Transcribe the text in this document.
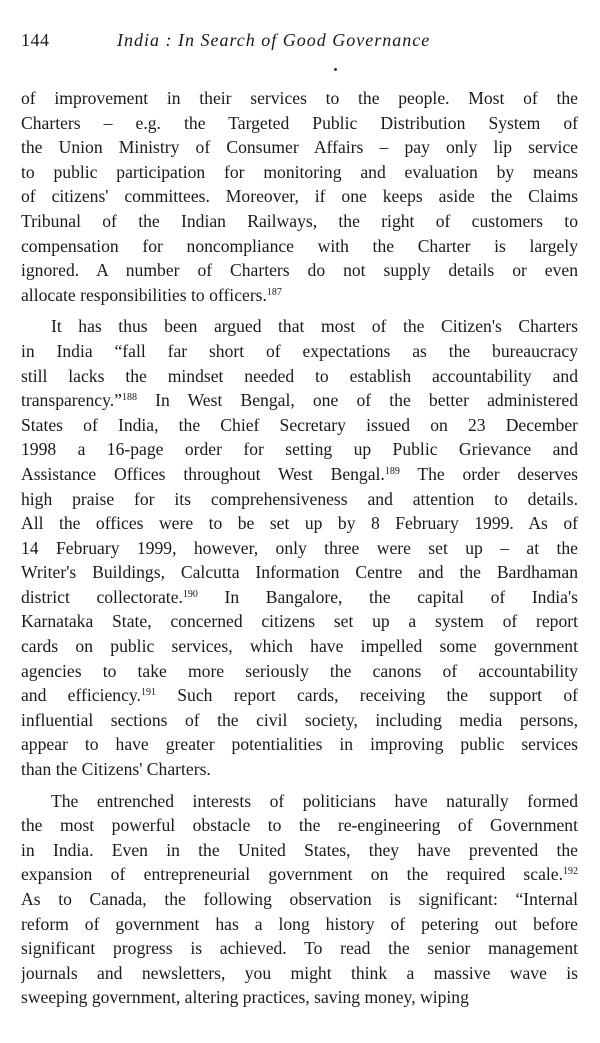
144	India : In Search of Good Governance
of improvement in their services to the people. Most of the
Charters – e.g. the Targeted Public Distribution System of
the Union Ministry of Consumer Affairs – pay only lip service
to public participation for monitoring and evaluation by means
of citizens' committees. Moreover, if one keeps aside the Claims
Tribunal of the Indian Railways, the right of customers to
compensation for noncompliance with the Charter is largely
ignored. A number of Charters do not supply details or even
allocate responsibilities to officers.$^{187}$
It has thus been argued that most of the Citizen's Charters
in India “fall far short of expectations as the bureaucracy
still lacks the mindset needed to establish accountability and
transparency.”$^{188}$ In West Bengal, one of the better administered
States of India, the Chief Secretary issued on 23 December
1998 a 16-page order for setting up Public Grievance and
Assistance Offices throughout West Bengal.$^{189}$ The order deserves
high praise for its comprehensiveness and attention to details.
All the offices were to be set up by 8 February 1999. As of
14 February 1999, however, only three were set up – at the
Writer's Buildings, Calcutta Information Centre and the Bardhaman
district collectorate.$^{190}$ In Bangalore, the capital of India's
Karnataka State, concerned citizens set up a system of report
cards on public services, which have impelled some government
agencies to take more seriously the canons of accountability
and efficiency.$^{191}$ Such report cards, receiving the support of
influential sections of the civil society, including media persons,
appear to have greater potentialities in improving public services
than the Citizens' Charters.
The entrenched interests of politicians have naturally formed
the most powerful obstacle to the re-engineering of Government
in India. Even in the United States, they have prevented the
expansion of entrepreneurial government on the required scale.$^{192}$
As to Canada, the following observation is significant: “Internal
reform of government has a long history of petering out before
significant progress is achieved. To read the senior management
journals and newsletters, you might think a massive wave is
sweeping government, altering practices, saving money, wiping
